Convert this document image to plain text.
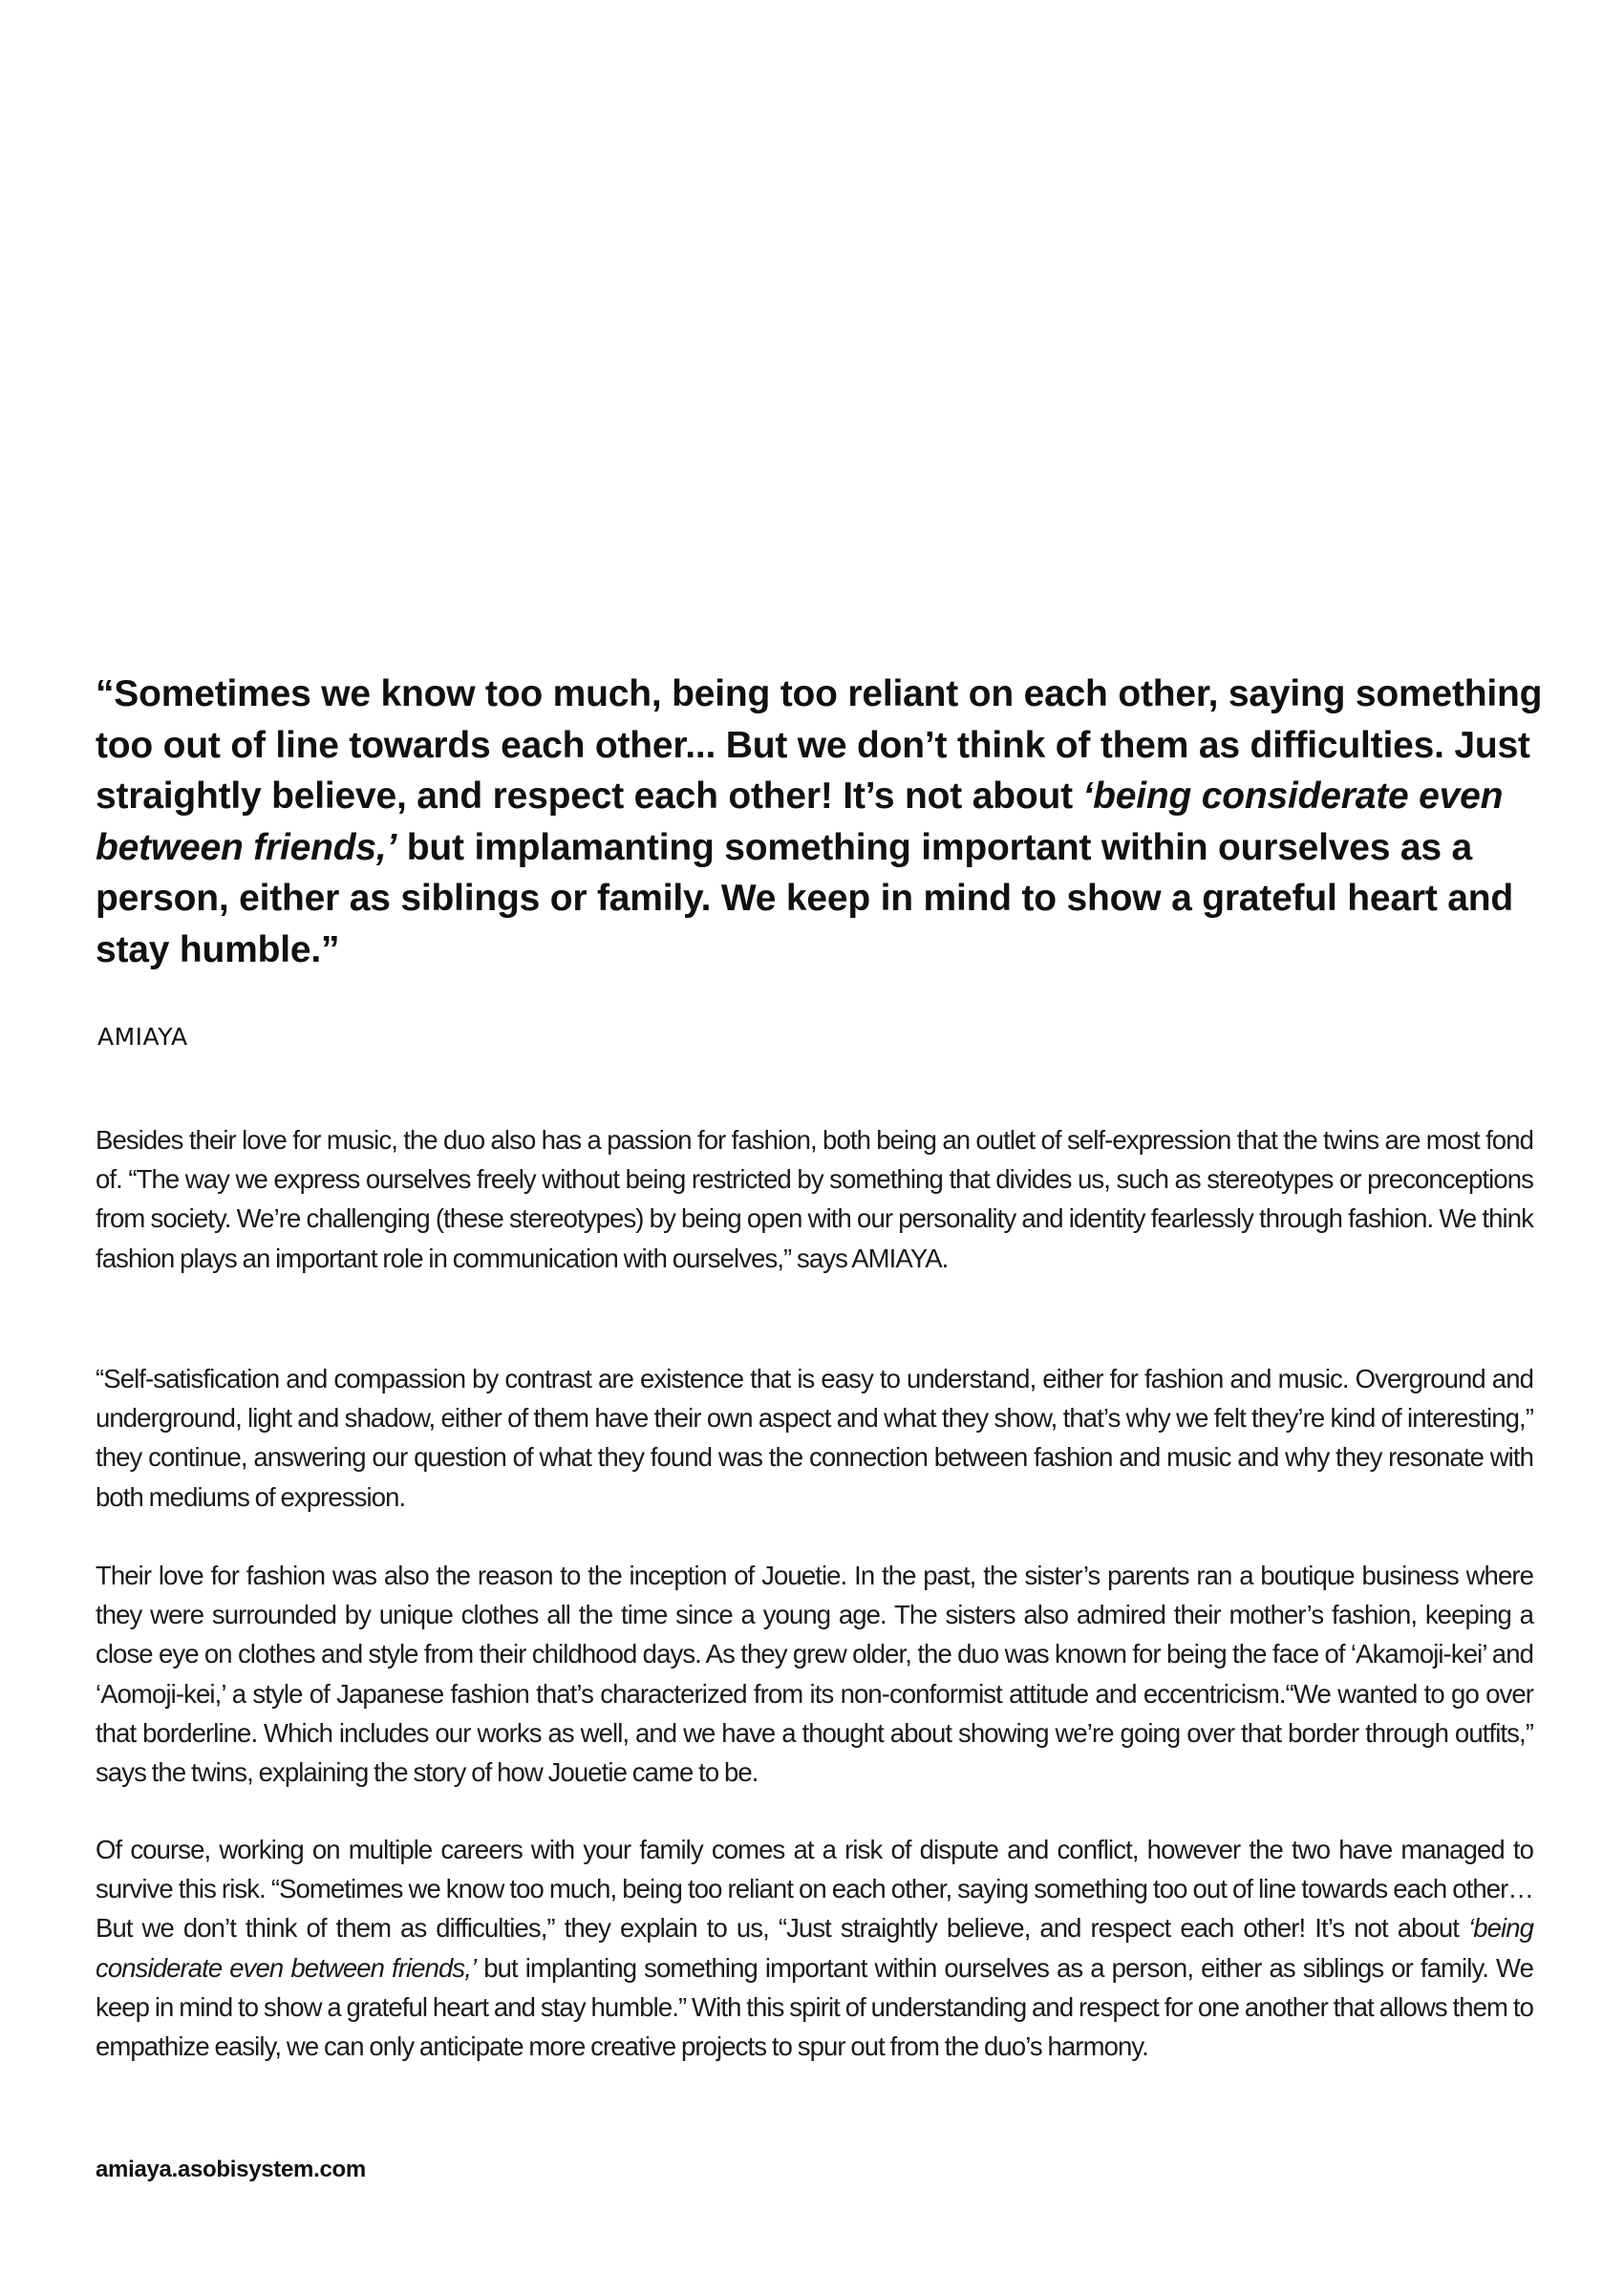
“Sometimes we know too much, being too reliant on each other, saying something too out of line towards each other... But we don’t think of them as difficulties. Just straightly believe, and respect each other! It’s not about ‘being considerate even between friends,’ but implamanting something important within ourselves as a person, either as siblings or family. We keep in mind to show a grateful heart and stay humble.”

AMIAYA

Besides their love for music, the duo also has a passion for fashion, both being an outlet of self-expression that the twins are most fond of. “The way we express ourselves freely without being restricted by something that divides us, such as stereotypes or preconceptions from society. We’re challenging (these stereotypes) by being open with our personality and identity fearlessly through fashion. We think fashion plays an important role in communication with ourselves,” says AMIAYA.

“Self-satisfication and compassion by contrast are existence that is easy to understand, either for fashion and music. Overground and underground, light and shadow, either of them have their own aspect and what they show, that’s why we felt they’re kind of interesting,” they continue, answering our question of what they found was the connection between fashion and music and why they resonate with both mediums of expression.

Their love for fashion was also the reason to the inception of Jouetie. In the past, the sister’s parents ran a boutique business where they were surrounded by unique clothes all the time since a young age. The sisters also admired their mother’s fashion, keeping a close eye on clothes and style from their childhood days. As they grew older, the duo was known for being the face of ‘Akamoji-kei’ and ‘Aomoji-kei,’ a style of Japanese fashion that’s characterized from its non-conformist attitude and eccentricism.“We wanted to go over that borderline. Which includes our works as well, and we have a thought about showing we’re going over that border through outfits,” says the twins, explaining the story of how Jouetie came to be.

Of course, working on multiple careers with your family comes at a risk of dispute and conflict, however the two have managed to survive this risk. “Sometimes we know too much, being too reliant on each other, saying something too out of line towards each other… But we don’t think of them as difficulties,” they explain to us, “Just straightly believe, and respect each other! It’s not about ‘being considerate even between friends,’ but implanting something important within ourselves as a person, either as siblings or family. We keep in mind to show a grateful heart and stay humble.” With this spirit of understanding and respect for one another that allows them to empathize easily, we can only anticipate more creative projects to spur out from the duo’s harmony.

amiaya.asobisystem.com
